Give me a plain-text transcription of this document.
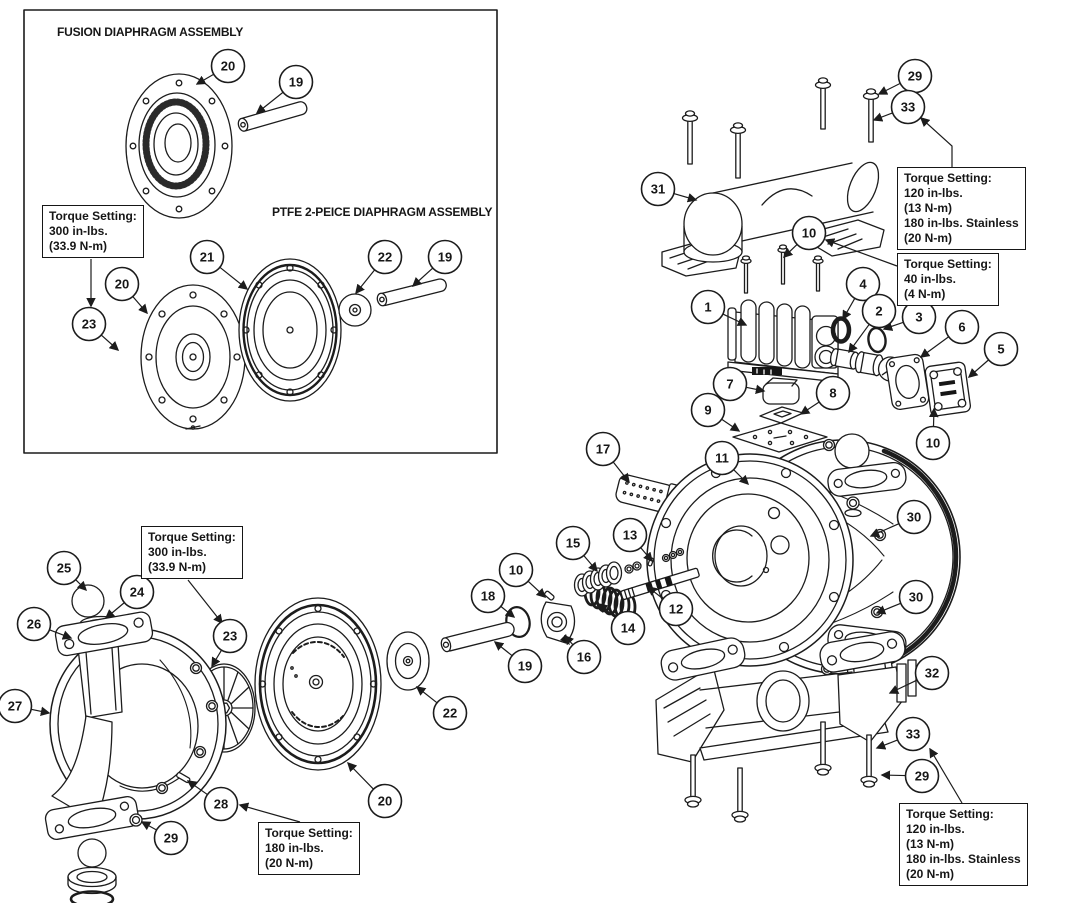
20
19
21	22	19
20
23
29
33
31
10
1
4
2	3
6
5
7
8
9
10
17
11
30
30
15
13
10
18
12
14
16
19
22
32
33
29
25
24
26
27
23
28
29
20
FUSION DIAPHRAGM ASSEMBLY
PTFE 2-PEICE DIAPHRAGM ASSEMBLY
Torque Setting:
300 in-lbs.
(33.9 N-m)
Torque Setting:
120 in-lbs.
(13 N-m)
180 in-lbs. Stainless
(20 N-m)
Torque Setting:
40 in-lbs.
(4 N-m)
Torque Setting:
300 in-lbs.
(33.9 N-m)
Torque Setting:
180 in-lbs.
(20 N-m)
Torque Setting:
120 in-lbs.
(13 N-m)
180 in-lbs. Stainless
(20 N-m)
